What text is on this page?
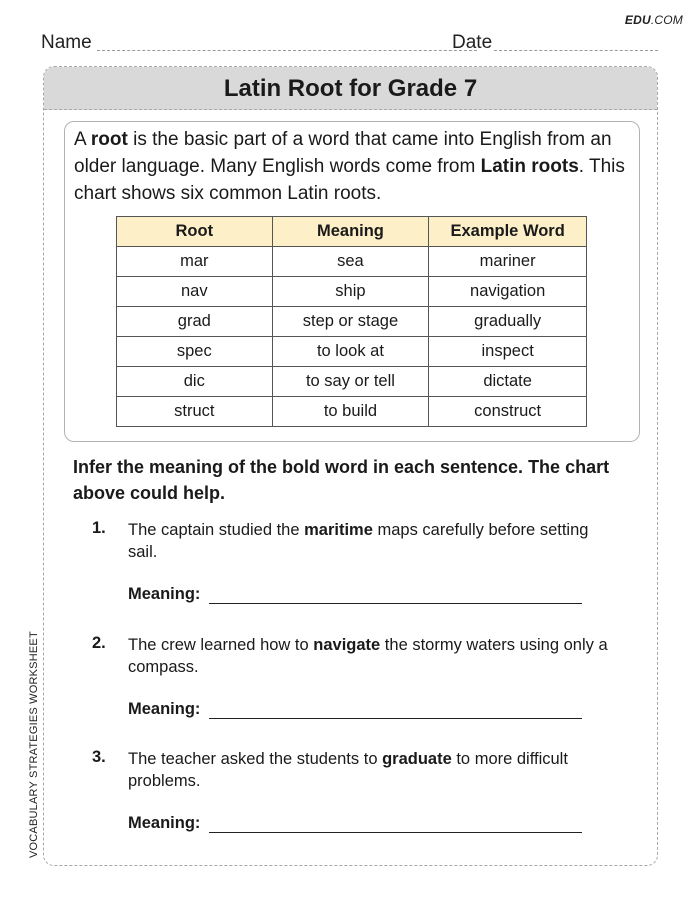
EDU.COM
Name	Date
VOCABULARY STRATEGIES WORKSHEET
Latin Root for Grade 7

A root is the basic part of a word that came into English from an older language. Many English words come from Latin roots. This chart shows six common Latin roots.

Root	Meaning	Example Word
mar	sea	mariner
nav	ship	navigation
grad	step or stage	gradually
spec	to look at	inspect
dic	to say or tell	dictate
struct	to build	construct

Infer the meaning of the bold word in each sentence. The chart above could help.

1. The captain studied the maritime maps carefully before setting sail.

Meaning:
2. The crew learned how to navigate the stormy waters using only a compass.

Meaning:
3. The teacher asked the students to graduate to more difficult problems.

Meaning:
